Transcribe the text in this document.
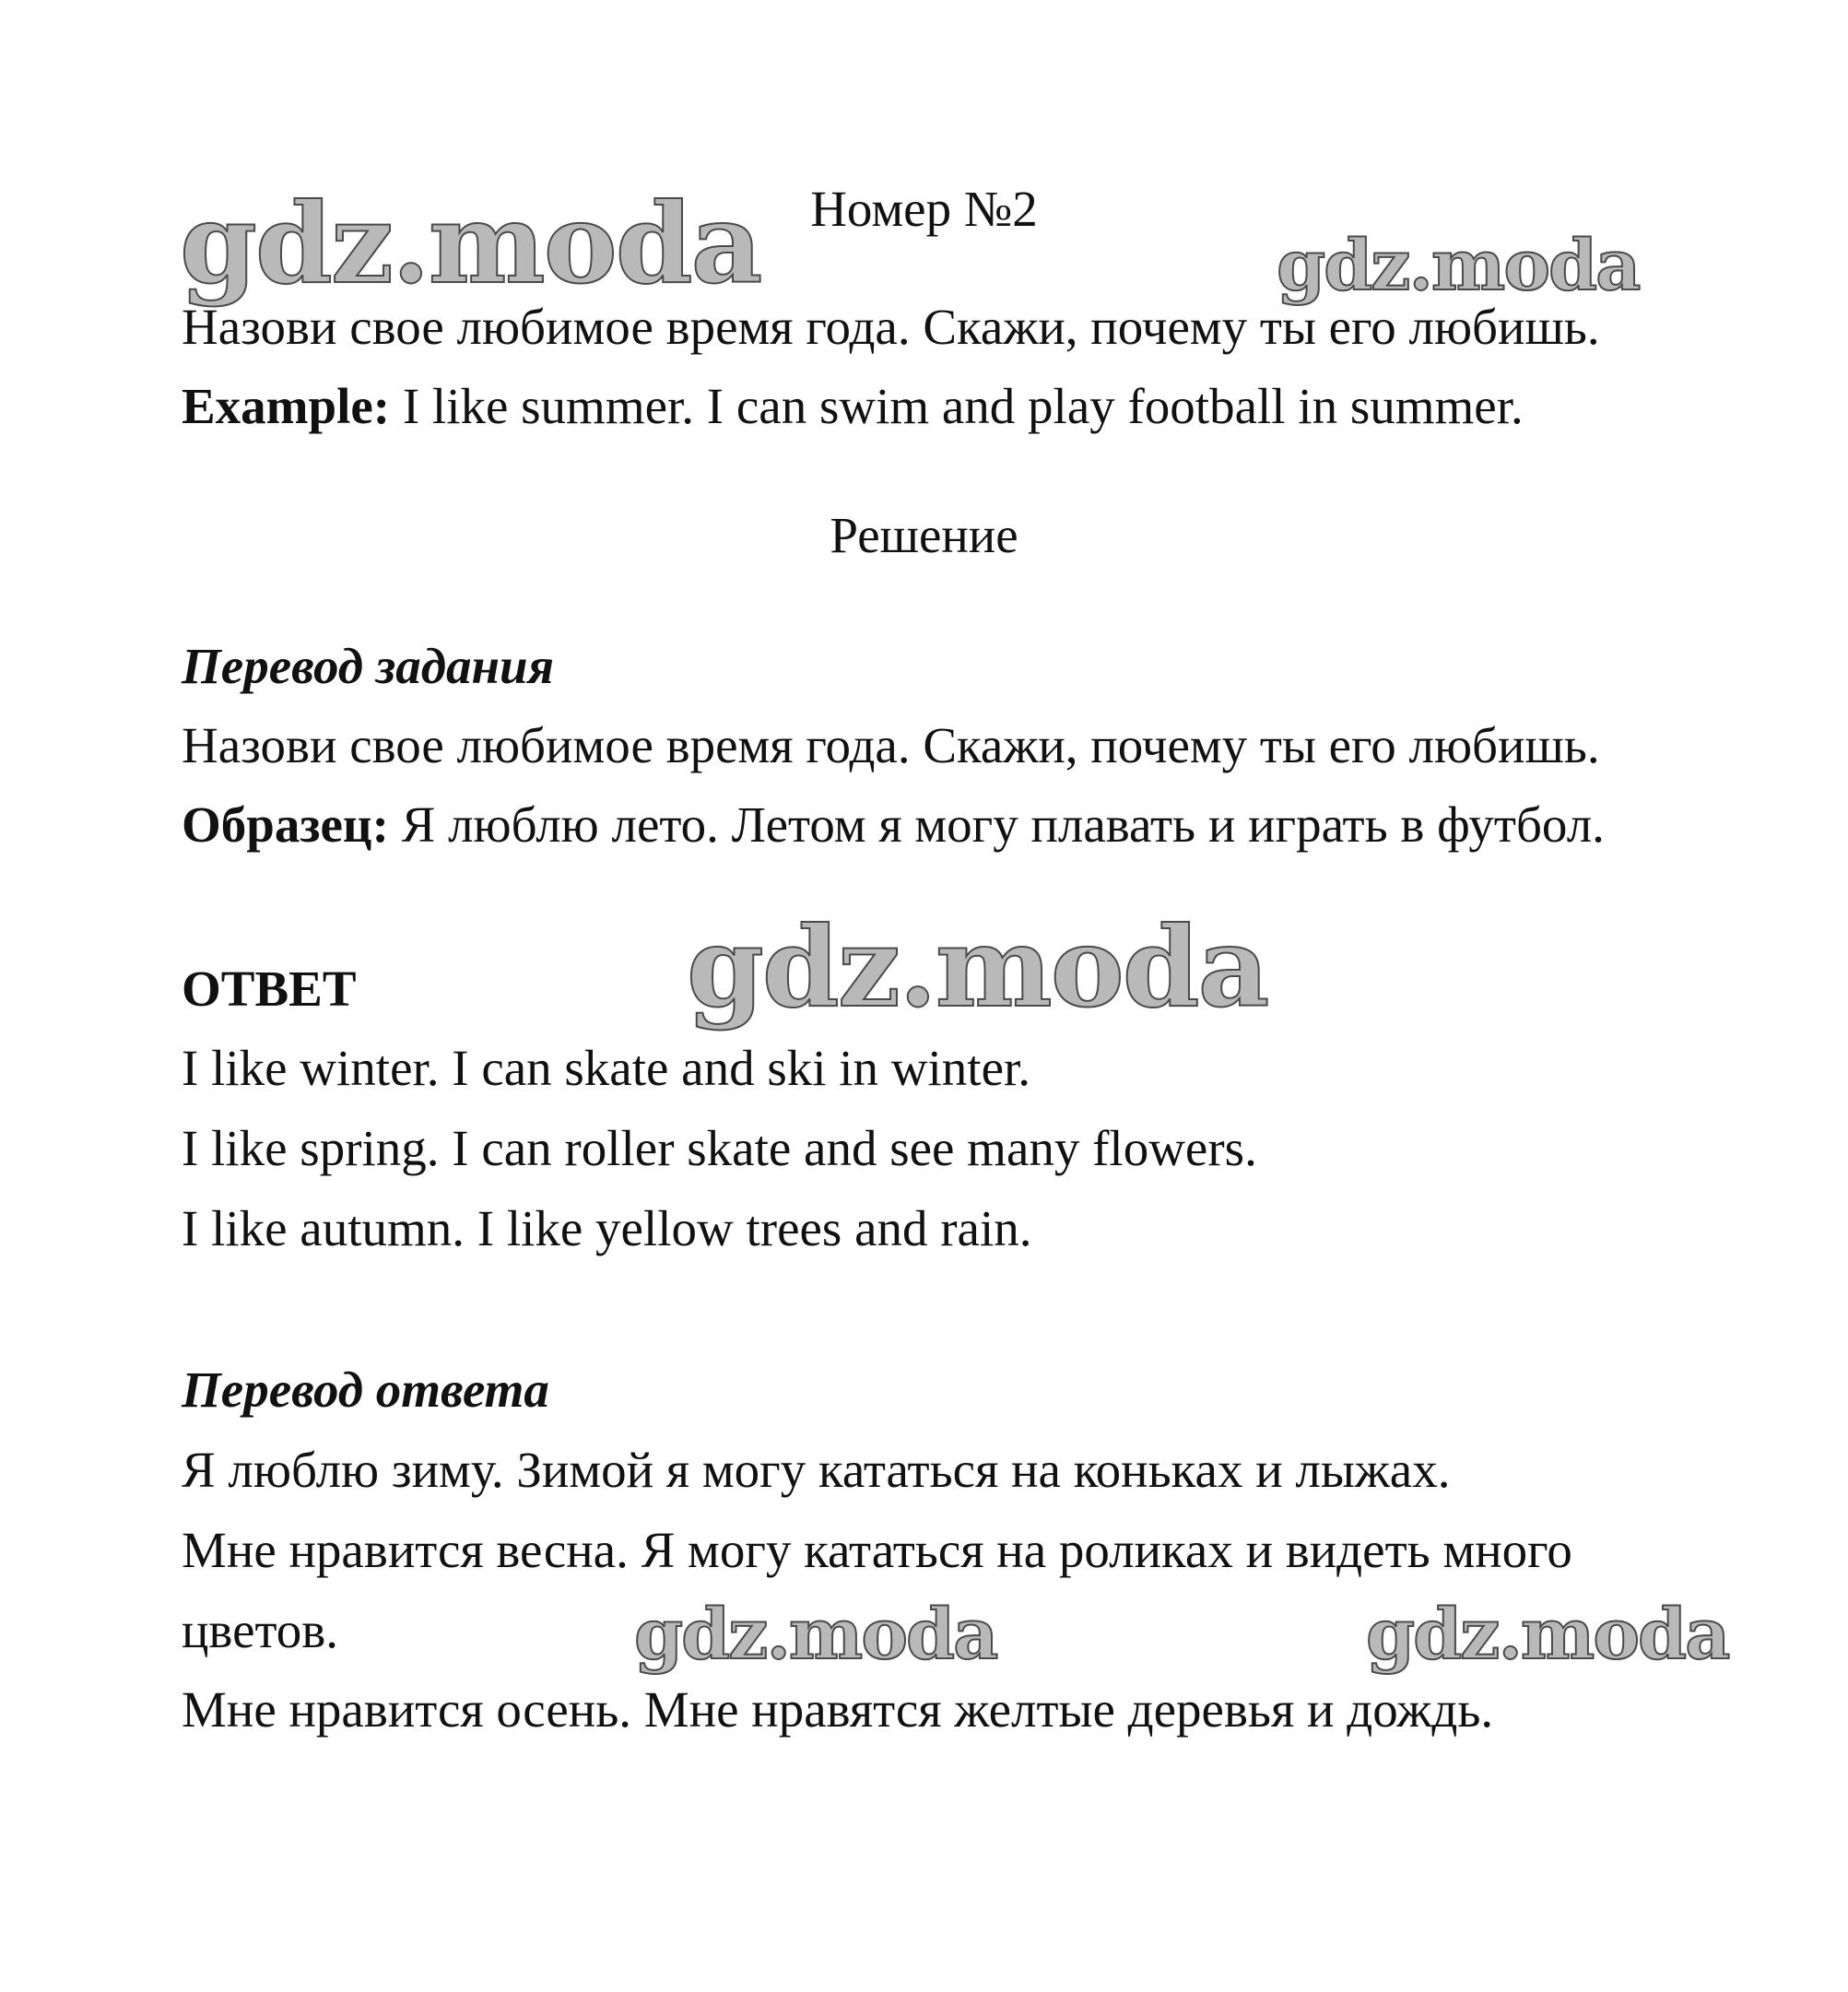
gdz.moda	gdz.moda
gdz.moda
gdz.moda	gdz.moda
Номер №2
Назови свое любимое время года. Скажи, почему ты его любишь.
Example: I like summer. I can swim and play football in summer.
Решение
Перевод задания
Назови свое любимое время года. Скажи, почему ты его любишь.
Образец: Я люблю лето. Летом я могу плавать и играть в футбол.
ОТВЕТ
I like winter. I can skate and ski in winter.
I like spring. I can roller skate and see many flowers.
I like autumn. I like yellow trees and rain.
Перевод ответа
Я люблю зиму. Зимой я могу кататься на коньках и лыжах.
Мне нравится весна. Я могу кататься на роликах и видеть много
цветов.
Мне нравится осень. Мне нравятся желтые деревья и дождь.
